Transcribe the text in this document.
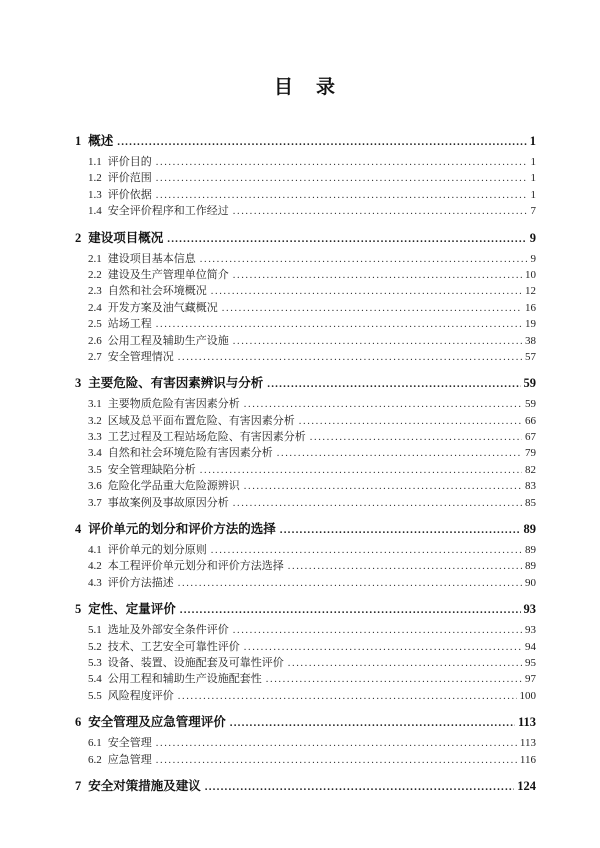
目　录
1 概述 .....	1
1.1 评价目的 .....	1
1.2 评价范围 .....	1
1.3 评价依据 .....	1
1.4 安全评价程序和工作经过 .....	7
2 建设项目概况 .....	9
2.1 建设项目基本信息 .....	9
2.2 建设及生产管理单位简介 .....	10
2.3 自然和社会环境概况 .....	12
2.4 开发方案及油气藏概况 .....	16
2.5 站场工程 .....	19
2.6 公用工程及辅助生产设施 .....	38
2.7 安全管理情况 .....	57
3 主要危险、有害因素辨识与分析 .....	59
3.1 主要物质危险有害因素分析 .....	59
3.2 区域及总平面布置危险、有害因素分析 .....	66
3.3 工艺过程及工程站场危险、有害因素分析 .....	67
3.4 自然和社会环境危险有害因素分析 .....	79
3.5 安全管理缺陷分析 .....	82
3.6 危险化学品重大危险源辨识 .....	83
3.7 事故案例及事故原因分析 .....	85
4 评价单元的划分和评价方法的选择 .....	89
4.1 评价单元的划分原则 .....	89
4.2 本工程评价单元划分和评价方法选择 .....	89
4.3 评价方法描述 .....	90
5 定性、定量评价 .....	93
5.1 选址及外部安全条件评价 .....	93
5.2 技术、工艺安全可靠性评价 .....	94
5.3 设备、装置、设施配套及可靠性评价 .....	95
5.4 公用工程和辅助生产设施配套性 .....	97
5.5 风险程度评价 .....	100
6 安全管理及应急管理评价 .....	113
6.1 安全管理 .....	113
6.2 应急管理 .....	116
7 安全对策措施及建议 .....	124
